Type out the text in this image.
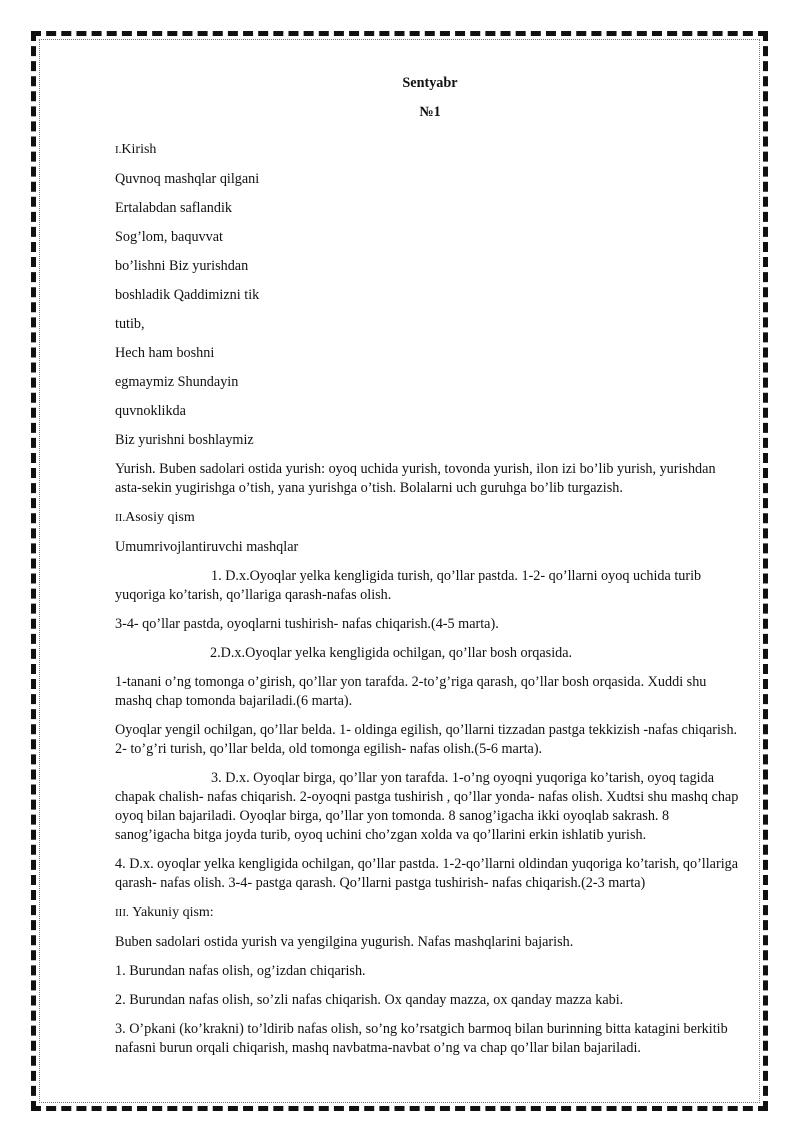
Sentyabr

№1

I.Kirish

Quvnoq mashqlar qilgani

Ertalabdan saflandik

Sog’lom, baquvvat

bo’lishni Biz yurishdan

boshladik Qaddimizni tik

tutib,

Hech ham boshni

egmaymiz Shundayin

quvnoklikda

Biz yurishni boshlaymiz

Yurish. Buben sadolari ostida yurish: oyoq uchida yurish, tovonda yurish, ilon izi bo’lib yurish, yurishdan asta-sekin yugirishga o’tish, yana yurishga o’tish. Bolalarni uch guruhga bo’lib turgazish.

II.Asosiy qism

Umumrivojlantiruvchi mashqlar

1. D.x.Oyoqlar yelka kengligida turish, qo’llar pastda. 1-2- qo’llarni oyoq uchida turib yuqoriga ko’tarish, qo’llariga qarash-nafas olish.

3-4- qo’llar pastda, oyoqlarni tushirish- nafas chiqarish.(4-5 marta).

2.D.x.Oyoqlar yelka kengligida ochilgan, qo’llar bosh orqasida.

1-tanani o’ng tomonga o’girish, qo’llar yon tarafda. 2-to’g’riga qarash, qo’llar bosh orqasida. Xuddi shu mashq chap tomonda bajariladi.(6 marta).

Oyoqlar yengil ochilgan, qo’llar belda. 1- oldinga egilish, qo’llarni tizzadan pastga tekkizish -nafas chiqarish. 2- to’g’ri turish, qo’llar belda, old tomonga egilish- nafas olish.(5-6 marta).

3. D.x. Oyoqlar birga, qo’llar yon tarafda. 1-o’ng oyoqni yuqoriga ko’tarish, oyoq tagida chapak chalish- nafas chiqarish. 2-oyoqni pastga tushirish , qo’llar yonda- nafas olish. Xudtsi shu mashq chap oyoq bilan bajariladi. Oyoqlar birga, qo’llar yon tomonda. 8 sanog’igacha ikki oyoqlab sakrash. 8 sanog’igacha bitga joyda turib, oyoq uchini cho’zgan xolda va qo’llarini erkin ishlatib yurish.

4. D.x. oyoqlar yelka kengligida ochilgan, qo’llar pastda. 1-2-qo’llarni oldindan yuqoriga ko’tarish, qo’llariga qarash- nafas olish. 3-4- pastga qarash. Qo’llarni pastga tushirish- nafas chiqarish.(2-3 marta)

III. Yakuniy qism:

Buben sadolari ostida yurish va yengilgina yugurish. Nafas mashqlarini bajarish.

1. Burundan nafas olish, og’izdan chiqarish.

2. Burundan nafas olish, so’zli nafas chiqarish. Ox qanday mazza, ox qanday mazza kabi.

3. O’pkani (ko’krakni) to’ldirib nafas olish, so’ng ko’rsatgich barmoq bilan burinning bitta katagini berkitib nafasni burun orqali chiqarish, mashq navbatma-navbat o’ng va chap qo’llar bilan bajariladi.
